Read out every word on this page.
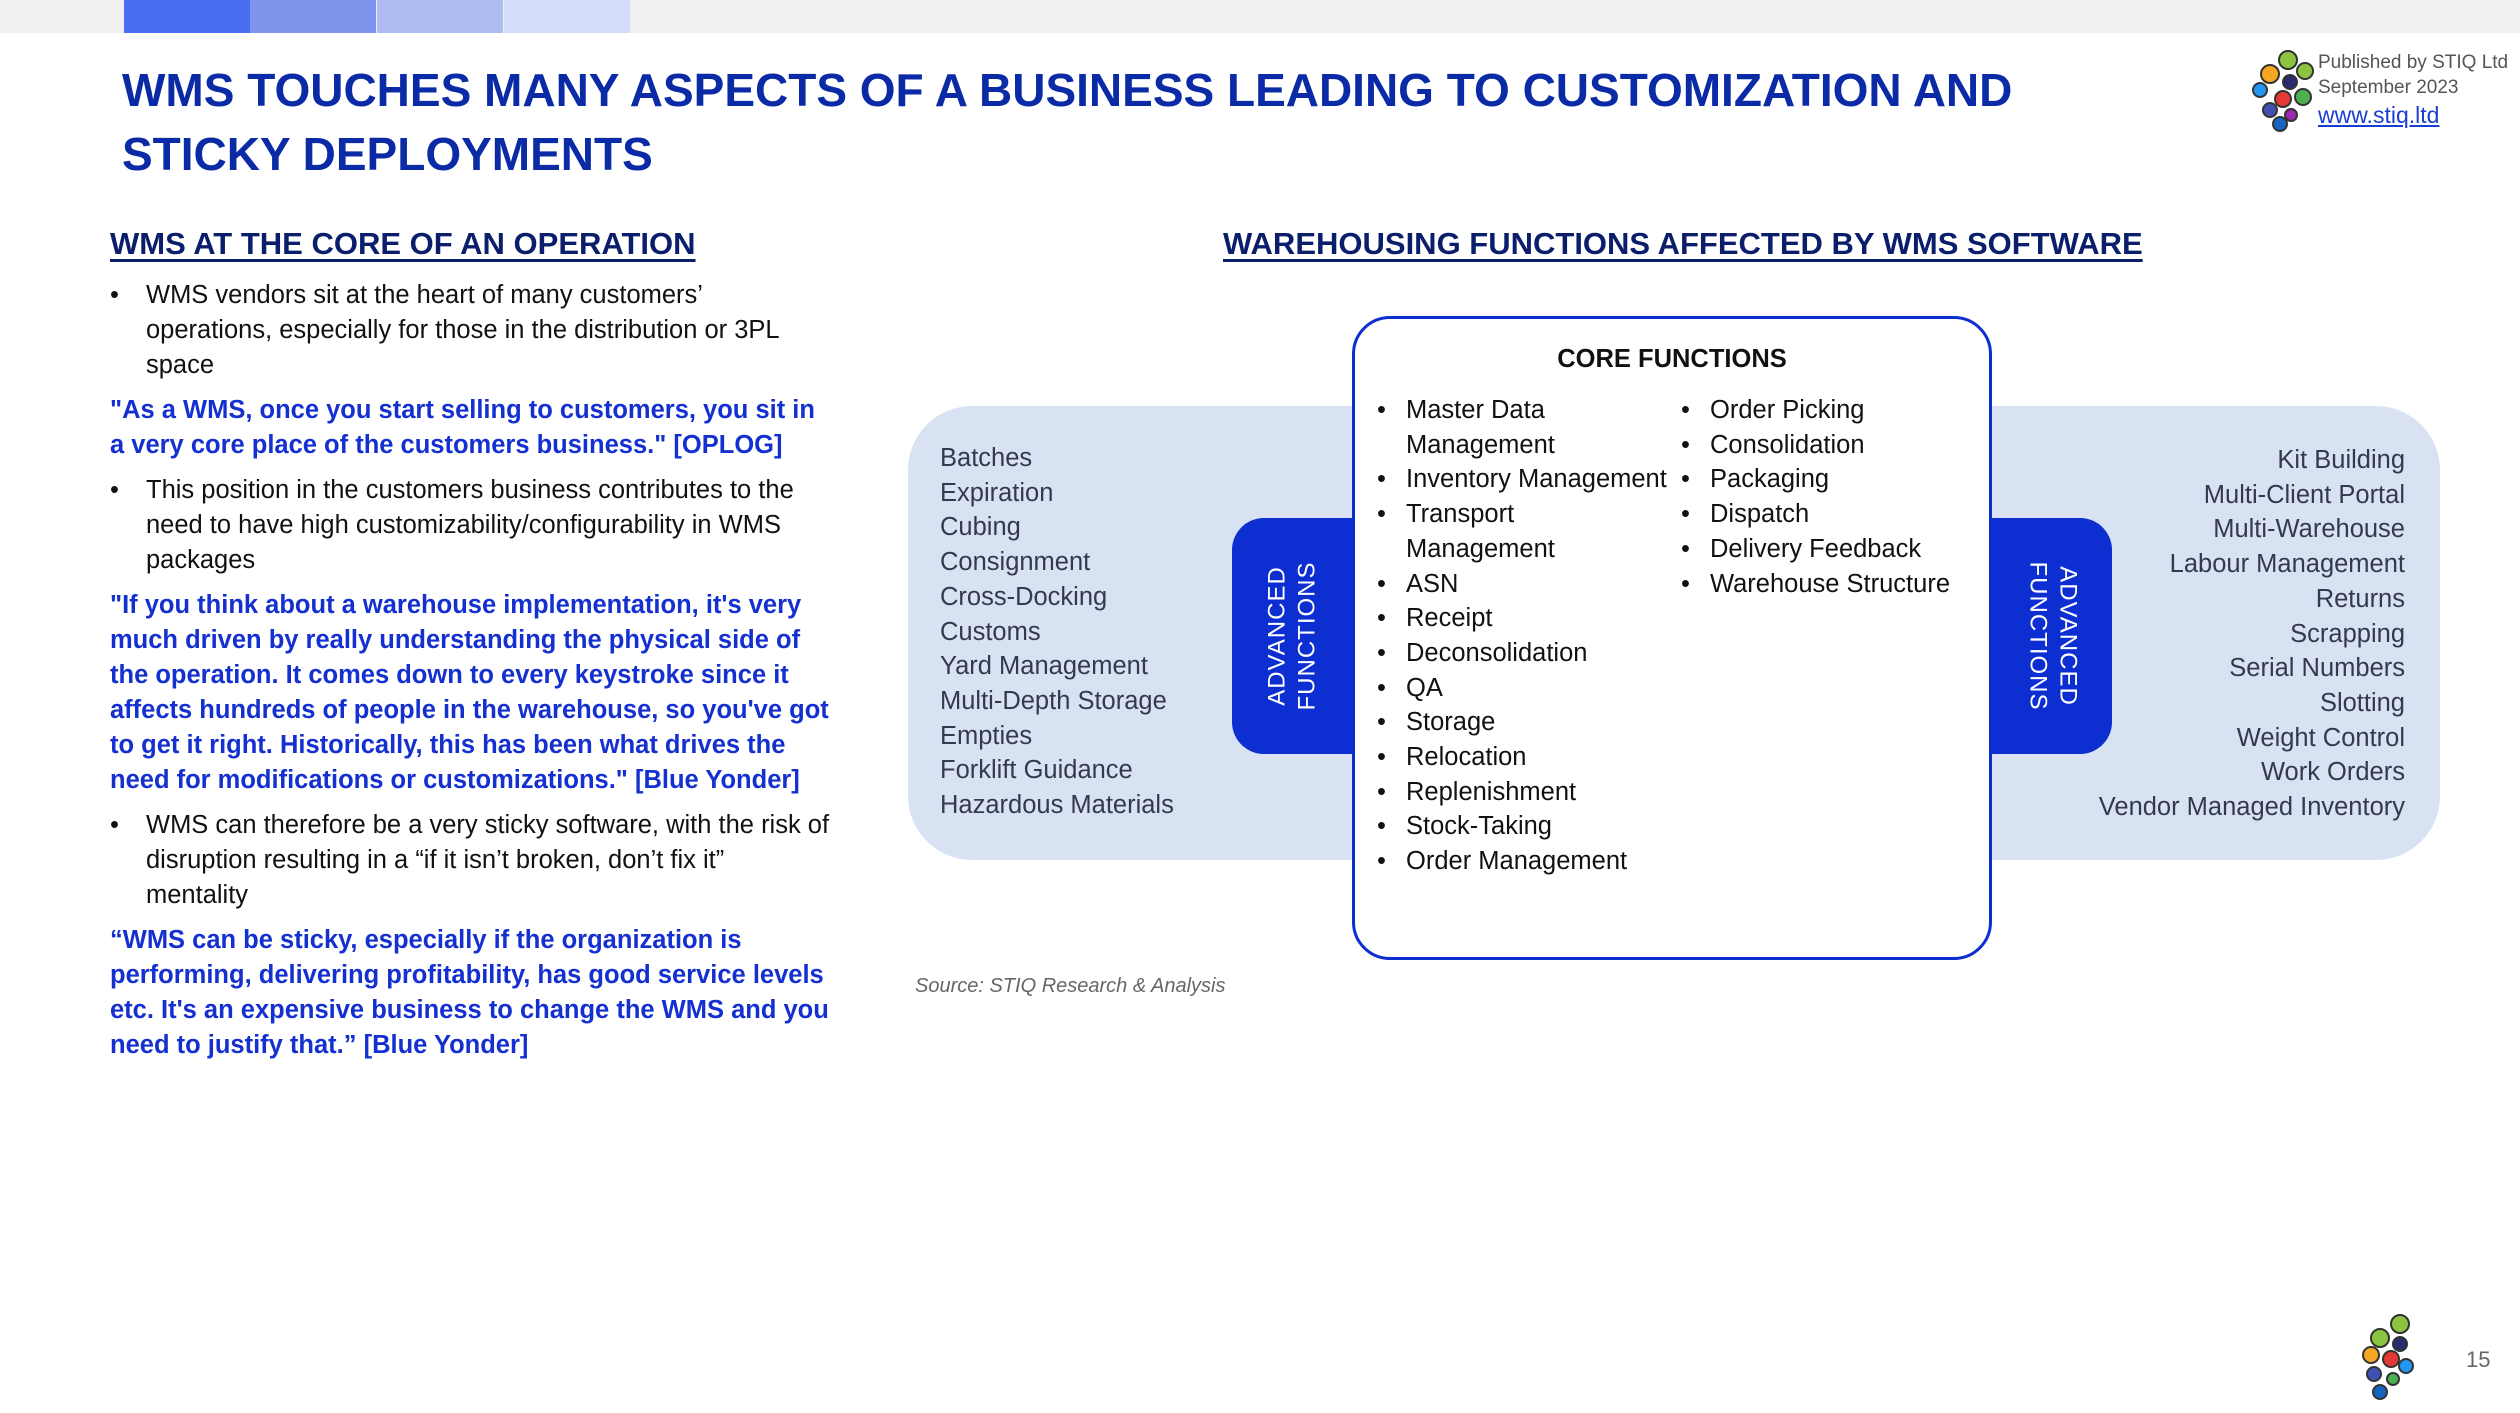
WMS TOUCHES MANY ASPECTS OF A BUSINESS LEADING TO CUSTOMIZATION AND STICKY DEPLOYMENTS
Published by STIQ Ltd
September 2023
www.stiq.ltd
WMS AT THE CORE OF AN OPERATION

• WMS vendors sit at the heart of many customers’ operations, especially for those in the distribution or 3PL space

"As a WMS, once you start selling to customers, you sit in a very core place of the customers business." [OPLOG]

• This position in the customers business contributes to the need to have high customizability/configurability in WMS packages

"If you think about a warehouse implementation, it's very much driven by really understanding the physical side of the operation. It comes down to every keystroke since it affects hundreds of people in the warehouse, so you've got to get it right. Historically, this has been what drives the need for modifications or customizations." [Blue Yonder]

• WMS can therefore be a very sticky software, with the risk of disruption resulting in a “if it isn’t broken, don’t fix it” mentality

“WMS can be sticky, especially if the organization is performing, delivering profitability, has good service levels etc. It's an expensive business to change the WMS and you need to justify that.” [Blue Yonder]

WAREHOUSING FUNCTIONS AFFECTED BY WMS SOFTWARE
Batches
Expiration
Cubing
Consignment
Cross-Docking
Customs
Yard Management
Multi-Depth Storage
Empties
Forklift Guidance
Hazardous Materials
Kit Building
Multi-Client Portal
Multi-Warehouse
Labour Management
Returns
Scrapping
Serial Numbers
Slotting
Weight Control
Work Orders
Vendor Managed Inventory
ADVANCED FUNCTIONS	ADVANCED
FUNCTIONS
CORE FUNCTIONS
• Master Data Management
• Inventory Management
• Transport Management
• ASN
• Receipt
• Deconsolidation
• QA
• Storage
• Relocation
• Replenishment
• Stock-Taking
• Order Management
• Order Picking
• Consolidation
• Packaging
• Dispatch
• Delivery Feedback
• Warehouse Structure
Source: STIQ Research & Analysis
15
